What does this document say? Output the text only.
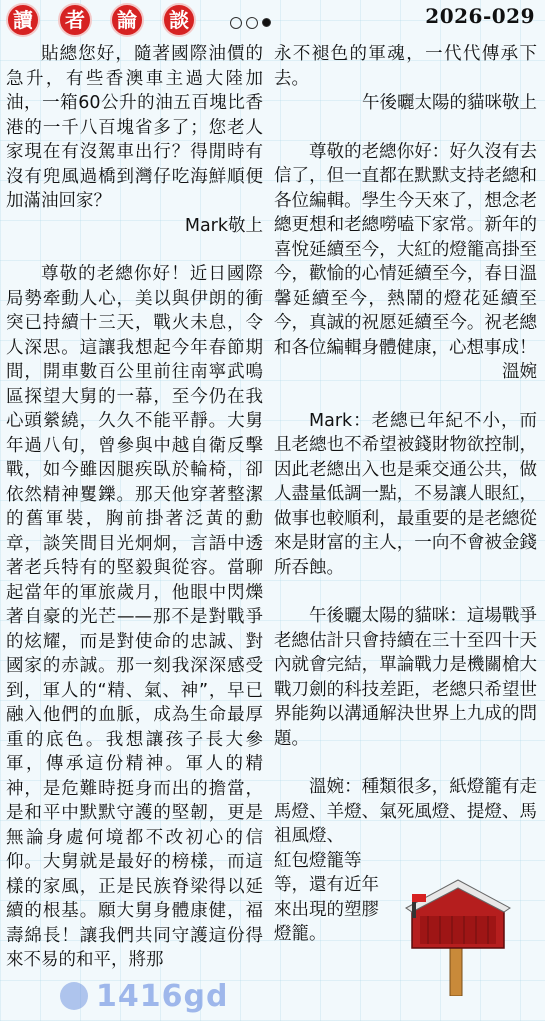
讀	者	論	談	2026-029

貼總您好，隨著國際油價的急升，有些香澳車主過大陸加油，一箱60公升的油五百塊比香港的一千八百塊省多了；您老人家現在有沒駕車出行？得閒時有沒有兜風過橋到灣仔吃海鮮順便加滿油回家？

Mark敬上

尊敬的老總你好！近日國際局勢牽動人心，美以與伊朗的衝突已持續十三天，戰火未息，令人深思。這讓我想起今年春節期間，開車數百公里前往南寧武鳴區探望大舅的一幕，至今仍在我心頭縈繞，久久不能平靜。大舅年過八旬，曾參與中越自衛反擊戰，如今雖因腿疾臥於輪椅，卻依然精神矍鑠。那天他穿著整潔的舊軍裝，胸前掛著泛黃的勳章，談笑間目光炯炯，言語中透著老兵特有的堅毅與從容。當聊起當年的軍旅歲月，他眼中閃爍著自豪的光芒——那不是對戰爭的炫耀，而是對使命的忠誠、對國家的赤誠。那一刻我深深感受到，軍人的“精、氣、神”，早已融入他們的血脈，成為生命最厚重的底色。我想讓孩子長大參軍，傳承這份精神。軍人的精神，是危難時挺身而出的擔當，是和平中默默守護的堅韌，更是無論身處何境都不改初心的信仰。大舅就是最好的榜樣，而這樣的家風，正是民族脊梁得以延續的根基。願大舅身體康健，福壽綿長！讓我們共同守護這份得來不易的和平，將那

永不褪色的軍魂，一代代傳承下去。

午後曬太陽的貓咪敬上

尊敬的老總你好：好久沒有去信了，但一直都在默默支持老總和各位編輯。學生今天來了，想念老總更想和老總嘮嗑下家常。新年的喜悅延續至今，大紅的燈籠高掛至今，歡愉的心情延續至今，春日溫馨延續至今，熱鬧的燈花延續至今，真誠的祝愿延續至今。祝老總和各位編輯身體健康，心想事成！

溫婉

Mark：老總已年紀不小，而且老總也不希望被錢財物欲控制，因此老總出入也是乘交通公共，做人盡量低調一點，不易讓人眼紅，做事也較順利，最重要的是老總從來是財富的主人，一向不會被金錢所吞蝕。

午後曬太陽的貓咪：這場戰爭老總估計只會持續在三十至四十天內就會完結，單論戰力是機關槍大戰刀劍的科技差距，老總只希望世界能夠以溝通解決世界上九成的問題。

溫婉：種類很多，紙燈籠有走馬燈、羊燈、氣死風燈、提燈、馬祖風燈、

紅包燈籠等

等，還有近年

來出現的塑膠

燈籠。

1416gd
